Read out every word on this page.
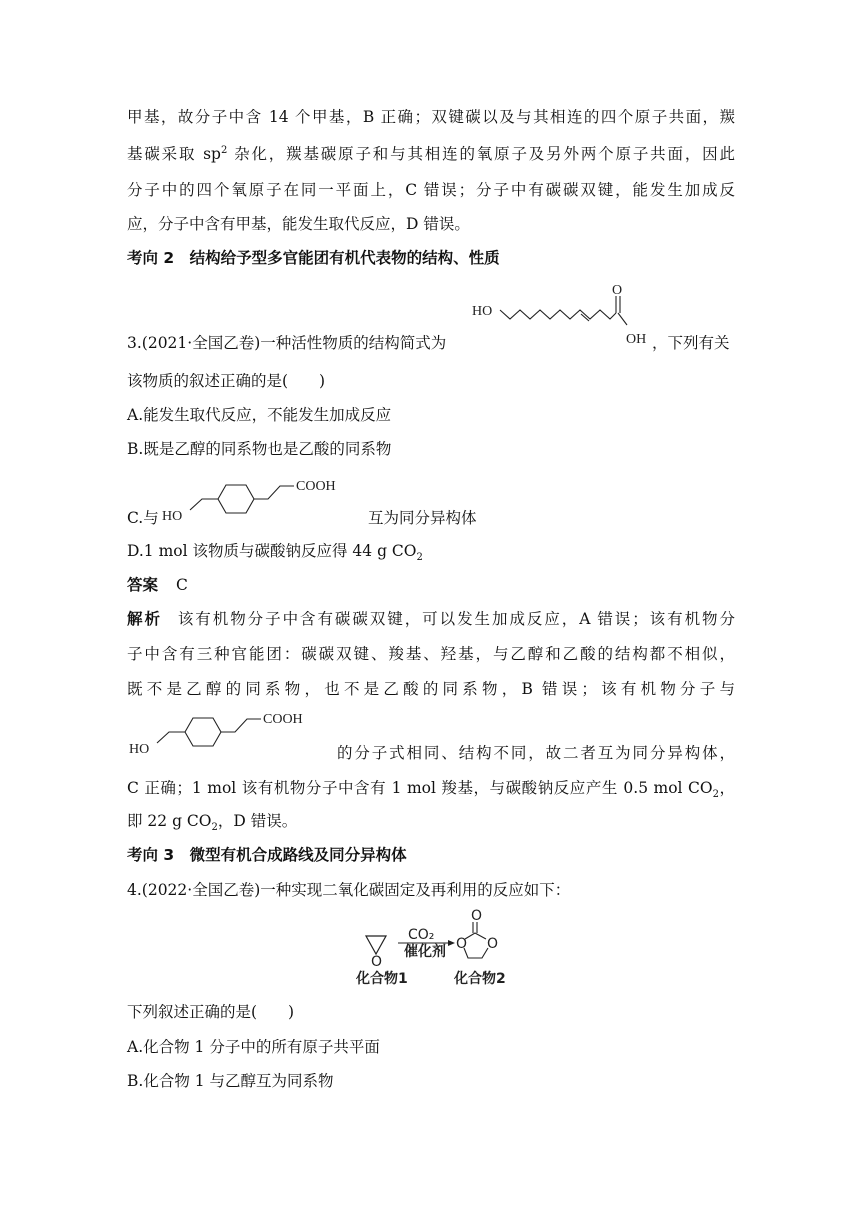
甲基，故分子中含 14 个甲基，B 正确；双键碳以及与其相连的四个原子共面，羰
基碳采取 $sp^2$ 杂化，羰基碳原子和与其相连的氧原子及另外两个原子共面，因此
分子中的四个氧原子在同一平面上，C 错误；分子中有碳碳双键，能发生加成反
应，分子中含有甲基，能发生取代反应，D 错误。
考向 2　结构给予型多官能团有机代表物的结构、性质
HO
O
OH
3.(2021·全国乙卷)一种活性物质的结构简式为	，下列有关
该物质的叙述正确的是(　　)
A.能发生取代反应，不能发生加成反应
B.既是乙醇的同系物也是乙酸的同系物
HO
COOH
C.与	互为同分异构体
D.1 mol 该物质与碳酸钠反应得 44 g $CO_2$
答案 C
解析 该有机物分子中含有碳碳双键，可以发生加成反应，A 错误；该有机物分
子中含有三种官能团：碳碳双键、羧基、羟基，与乙醇和乙酸的结构都不相似，
既不是乙醇的同系物，也不是乙酸的同系物，B 错误；该有机物分子与
HO
COOH
的分子式相同、结构不同，故二者互为同分异构体，
C 正确；1 mol 该有机物分子中含有 1 mol 羧基，与碳酸钠反应产生 0.5 mol $CO_2$，
即 22 g $CO_2$，D 错误。
考向 3　微型有机合成路线及同分异构体
4.(2022·全国乙卷)一种实现二氧化碳固定及再利用的反应如下：
O
CO₂
催化剂
O
O O
化合物1	化合物2
下列叙述正确的是(　　)
A.化合物 1 分子中的所有原子共平面
B.化合物 1 与乙醇互为同系物
